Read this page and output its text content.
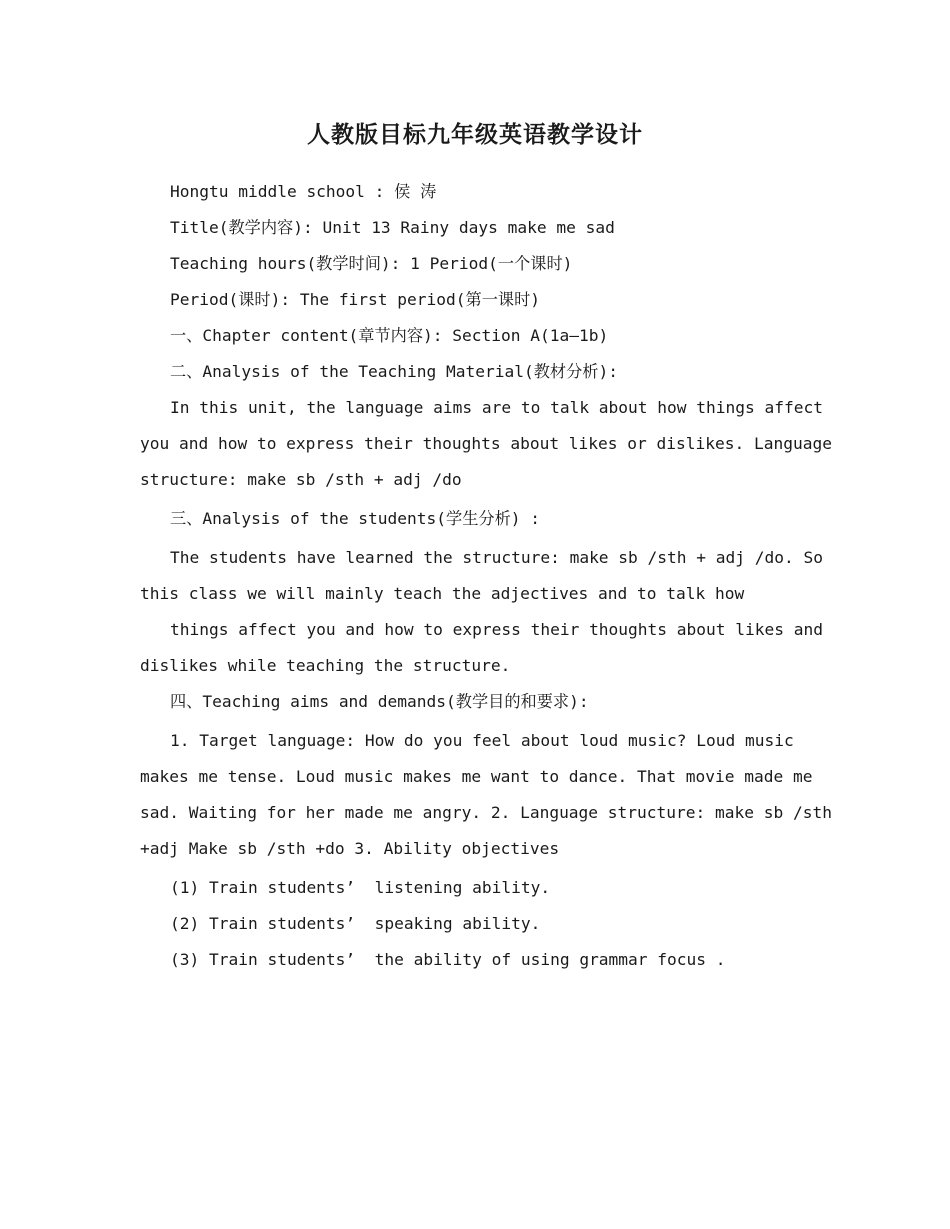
人教版目标九年级英语教学设计
Hongtu middle school : 侯 涛
Title(教学内容): Unit 13 Rainy days make me sad
Teaching hours(教学时间): 1 Period(一个课时)
Period(课时): The first period(第一课时)
一、Chapter content(章节内容): Section A(1a—1b)
二、Analysis of the Teaching Material(教材分析):
In this unit, the language aims are to talk about how things affect
you and how to express their thoughts about likes or dislikes. Language
structure: make sb /sth + adj /do
三、Analysis of the students(学生分析) :
The students have learned the structure: make sb /sth + adj /do. So
this class we will mainly teach the adjectives and to talk how
things affect you and how to express their thoughts about likes and
dislikes while teaching the structure.
四、Teaching aims and demands(教学目的和要求):
1. Target language: How do you feel about loud music? Loud music
makes me tense. Loud music makes me want to dance. That movie made me
sad. Waiting for her made me angry. 2. Language structure: make sb /sth
+adj Make sb /sth +do 3. Ability objectives
(1) Train students’  listening ability.
(2) Train students’  speaking ability.
(3) Train students’  the ability of using grammar focus .
